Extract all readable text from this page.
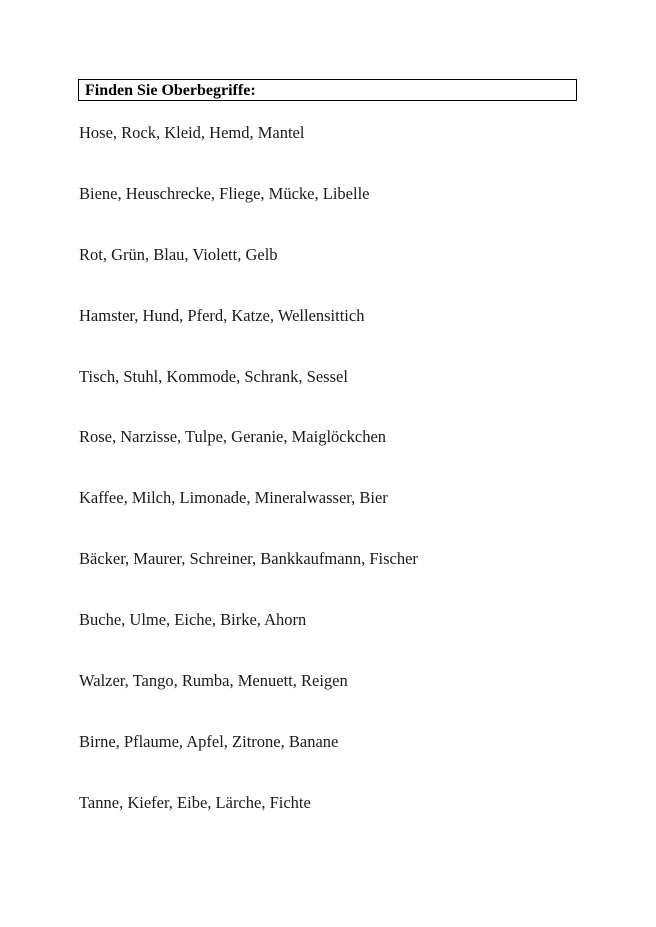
Finden Sie Oberbegriffe:
Hose, Rock, Kleid, Hemd, Mantel
Biene, Heuschrecke, Fliege, Mücke, Libelle
Rot, Grün, Blau, Violett, Gelb
Hamster, Hund, Pferd, Katze, Wellensittich
Tisch, Stuhl, Kommode, Schrank, Sessel
Rose, Narzisse, Tulpe, Geranie, Maiglöckchen
Kaffee, Milch, Limonade, Mineralwasser, Bier
Bäcker, Maurer, Schreiner, Bankkaufmann, Fischer
Buche, Ulme, Eiche, Birke, Ahorn
Walzer, Tango, Rumba, Menuett, Reigen
Birne, Pflaume, Apfel, Zitrone, Banane
Tanne, Kiefer, Eibe, Lärche, Fichte
